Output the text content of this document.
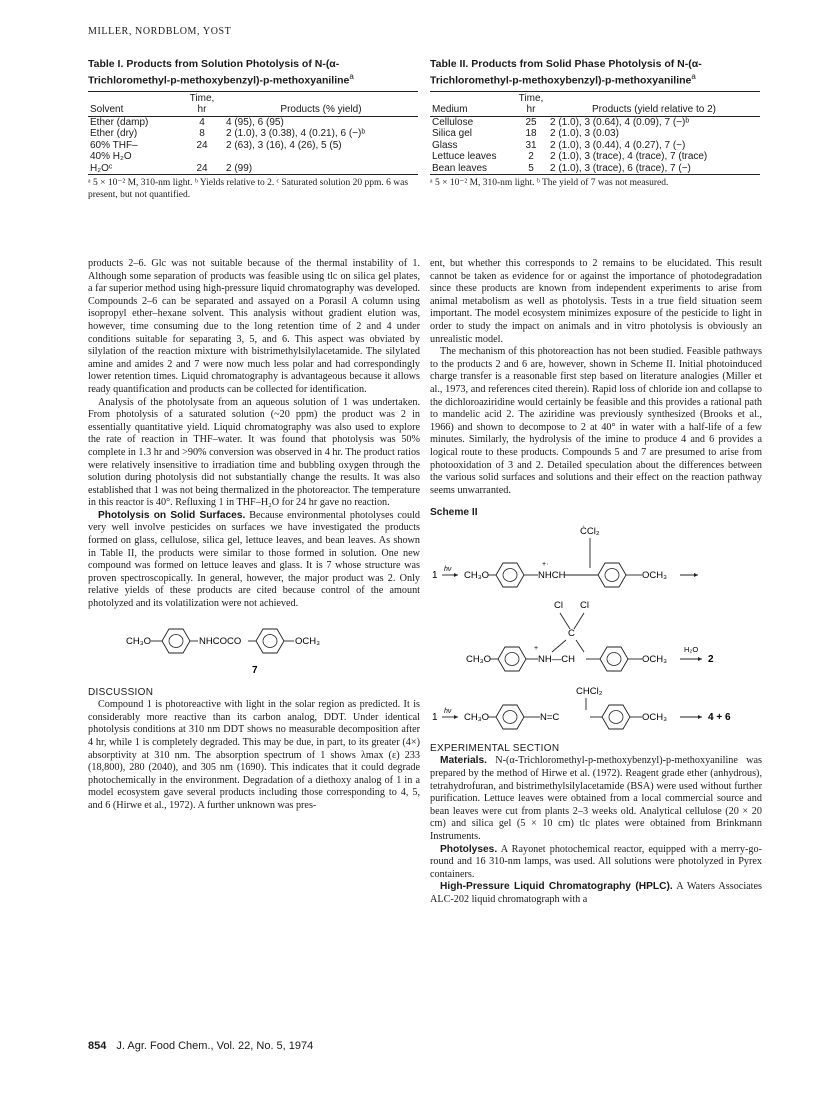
MILLER, NORDBLOM, YOST
Table I. Products from Solution Photolysis of N-(α-Trichloromethyl-p-methoxybenzyl)-p-methoxyaniline$^a$
Solvent	Time,
hr	Products (% yield)
Ether (damp)	4	4 (95), 6 (95)
Ether (dry)	8	2 (1.0), 3 (0.38), 4 (0.21), 6 (−)ᵇ
60% THF–	24	2 (63), 3 (16), 4 (26), 5 (5)
40% H₂O		
H₂Oᶜ	24	2 (99)
ᵃ 5 × 10⁻² M, 310-nm light. ᵇ Yields relative to 2. ᶜ Saturated solution 20 ppm. 6 was present, but not quantified.
Table II. Products from Solid Phase Photolysis of N-(α-Trichloromethyl-p-methoxybenzyl)-p-methoxyaniline$^a$
Medium	Time,
hr	Products (yield relative to 2)
Cellulose	25	2 (1.0), 3 (0.64), 4 (0.09), 7 (−)ᵇ
Silica gel	18	2 (1.0), 3 (0.03)
Glass	31	2 (1.0), 3 (0.44), 4 (0.27), 7 (−)
Lettuce leaves	2	2 (1.0), 3 (trace), 4 (trace), 7 (trace)
Bean leaves	5	2 (1.0), 3 (trace), 6 (trace), 7 (−)
ᵃ 5 × 10⁻² M, 310-nm light. ᵇ The yield of 7 was not measured.

products 2–6. Glc was not suitable because of the thermal instability of 1. Although some separation of products was feasible using tlc on silica gel plates, a far superior method using high-pressure liquid chromatography was developed. Compounds 2–6 can be separated and assayed on a Porasil A column using isopropyl ether–hexane solvent. This analysis without gradient elution was, however, time consuming due to the long retention time of 2 and 4 under conditions suitable for separating 3, 5, and 6. This aspect was obviated by silylation of the reaction mixture with bistrimethylsilylacetamide. The silylated amine and amides 2 and 7 were now much less polar and had correspondingly lower retention times. Liquid chromatography is advantageous because it allows ready quantification and products can be collected for identification.

Analysis of the photolysate from an aqueous solution of 1 was undertaken. From photolysis of a saturated solution (~20 ppm) the product was 2 in essentially quantitative yield. Liquid chromatography was also used to explore the rate of reaction in THF–water. It was found that photolysis was 50% complete in 1.3 hr and >90% conversion was observed in 4 hr. The product ratios were relatively insensitive to irradiation time and bubbling oxygen through the solution during photolysis did not substantially change the results. It was also established that 1 was not being thermalized in the photoreactor. The temperature in this reactor is 40°. Refluxing 1 in THF–H₂O for 24 hr gave no reaction.

Photolysis on Solid Surfaces. Because environmental photolyses could very well involve pesticides on surfaces we have investigated the products formed on glass, cellulose, silica gel, lettuce leaves, and bean leaves. As shown in Table II, the products were similar to those formed in solution. One new compound was formed on lettuce leaves and glass. It is 7 whose structure was proven spectroscopically. In general, however, the major product was 2. Only relative yields of these products are cited because control of the amount photolyzed and its volatilization were not achieved.

CH₃O	NHCOCO	OCH₃
7

DISCUSSION

Compound 1 is photoreactive with light in the solar region as predicted. It is considerably more reactive than its carbon analog, DDT. Under identical photolysis conditions at 310 nm DDT shows no measurable decomposition after 4 hr, while 1 is completely degraded. This may be due, in part, to its greater (4×) absorptivity at 310 nm. The absorption spectrum of 1 shows λmax (ε) 233 (18,800), 280 (2040), and 305 nm (1690). This indicates that it could degrade photochemically in the environment. Degradation of a diethoxy analog of 1 in a model ecosystem gave several products including those corresponding to 4, 5, and 6 (Hirwe et al., 1972). A further unknown was pres-

ent, but whether this corresponds to 2 remains to be elucidated. This result cannot be taken as evidence for or against the importance of photodegradation since these products are known from independent experiments to arise from animal metabolism as well as photolysis. Tests in a true field situation seem important. The model ecosystem minimizes exposure of the pesticide to light in order to study the impact on animals and in vitro photolysis is obviously an unrealistic model.

The mechanism of this photoreaction has not been studied. Feasible pathways to the products 2 and 6 are, however, shown in Scheme II. Initial photoinduced charge transfer is a reasonable first step based on literature analogies (Miller et al., 1973, and references cited therein). Rapid loss of chloride ion and collapse to the dichloroaziridine would certainly be feasible and this provides a rational path to mandelic acid 2. The aziridine was previously synthesized (Brooks et al., 1966) and shown to decompose to 2 at 40° in water with a half-life of a few minutes. Similarly, the hydrolysis of the imine to produce 4 and 6 provides a logical route to these products. Compounds 5 and 7 are presumed to arise from photooxidation of 3 and 2. Detailed speculation about the differences between the various solid surfaces and solutions and their effect on the reaction pathway seems unwarranted.

Scheme II

1
hν
CH₃O	NHCH
ĊCl₂
+·
OCH₃
Cl Cl
C
.	CH₃O
+
NH—CH	OCH₃
H₂O
2
CHCl₂
1
hν
CH₃O	N=C	OCH₃	4 + 6

EXPERIMENTAL SECTION

Materials. N-(α-Trichloromethyl-p-methoxybenzyl)-p-methoxyaniline was prepared by the method of Hirwe et al. (1972). Reagent grade ether (anhydrous), tetrahydrofuran, and bistrimethylsilylacetamide (BSA) were used without further purification. Lettuce leaves were obtained from a local commercial source and bean leaves were cut from plants 2–3 weeks old. Analytical cellulose (20 × 20 cm) and silica gel (5 × 10 cm) tlc plates were obtained from Brinkmann Instruments.

Photolyses. A Rayonet photochemical reactor, equipped with a merry-go-round and 16 310-nm lamps, was used. All solutions were photolyzed in Pyrex containers.

High-Pressure Liquid Chromatography (HPLC). A Waters Associates ALC-202 liquid chromatograph with a

854 J. Agr. Food Chem., Vol. 22, No. 5, 1974
